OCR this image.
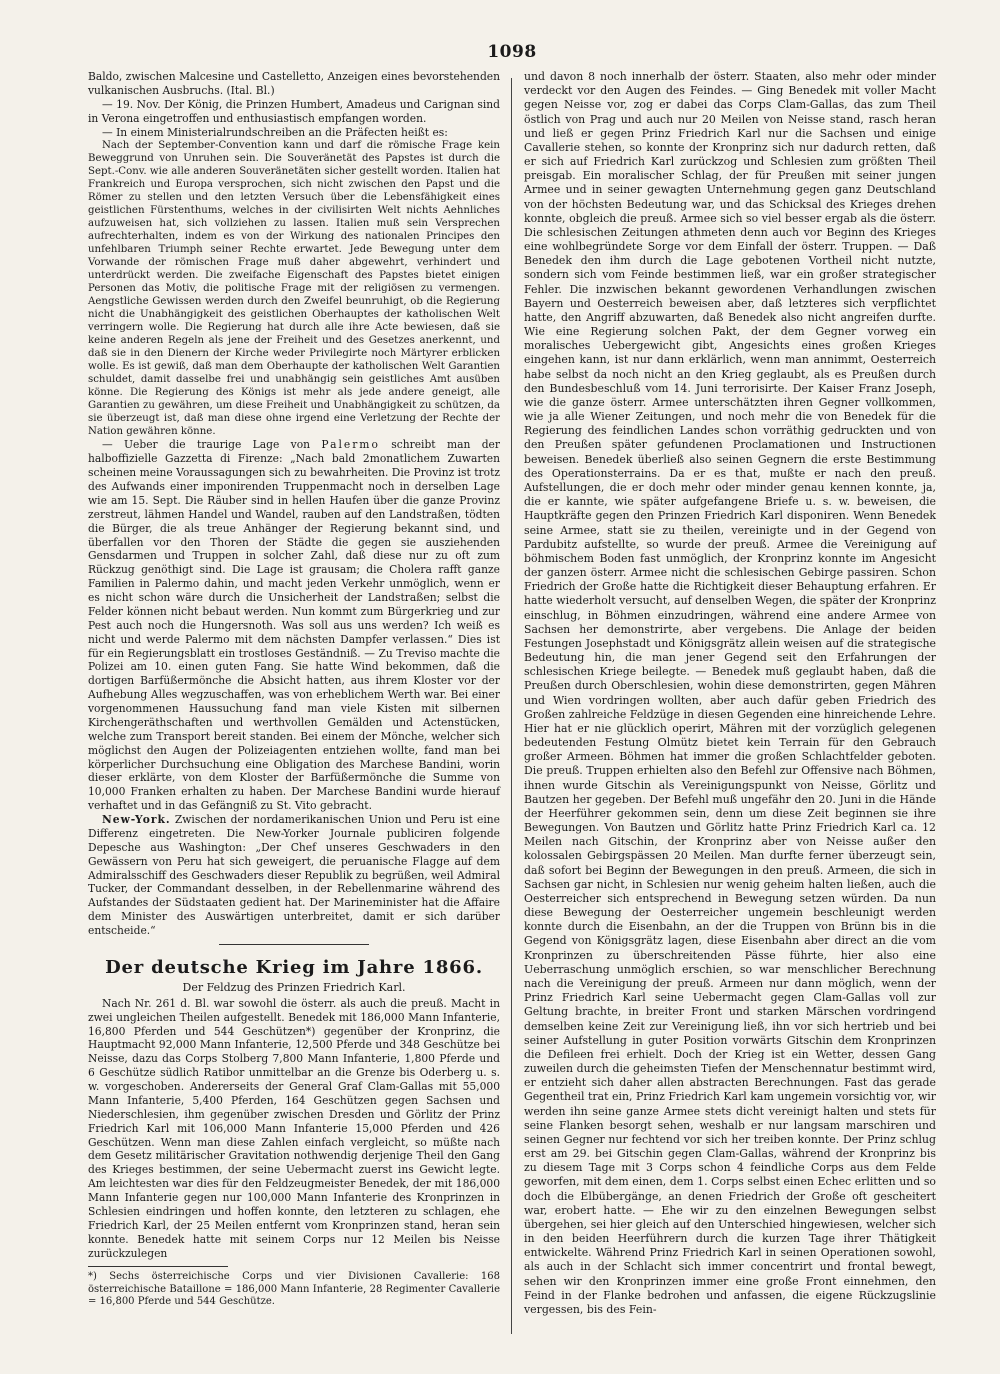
1098

Baldo, zwischen Malcesine und Castelletto, Anzeigen eines bevorstehenden vulkanischen Ausbruchs. (Ital. Bl.)

— 19. Nov. Der König, die Prinzen Humbert, Amadeus und Carignan sind in Verona eingetroffen und enthusiastisch empfangen worden.

— In einem Ministerialrundschreiben an die Präfecten heißt es:

Nach der September-Convention kann und darf die römische Frage kein Beweggrund von Unruhen sein. Die Souveränetät des Papstes ist durch die Sept.-Conv. wie alle anderen Souveränetäten sicher gestellt worden. Italien hat Frankreich und Europa versprochen, sich nicht zwischen den Papst und die Römer zu stellen und den letzten Versuch über die Lebensfähigkeit eines geistlichen Fürstenthums, welches in der civilisirten Welt nichts Aehnliches aufzuweisen hat, sich vollziehen zu lassen. Italien muß sein Versprechen aufrechterhalten, indem es von der Wirkung des nationalen Principes den unfehlbaren Triumph seiner Rechte erwartet. Jede Bewegung unter dem Vorwande der römischen Frage muß daher abgewehrt, verhindert und unterdrückt werden. Die zweifache Eigenschaft des Papstes bietet einigen Personen das Motiv, die politische Frage mit der religiösen zu vermengen. Aengstliche Gewissen werden durch den Zweifel beunruhigt, ob die Regierung nicht die Unabhängigkeit des geistlichen Oberhauptes der katholischen Welt verringern wolle. Die Regierung hat durch alle ihre Acte bewiesen, daß sie keine anderen Regeln als jene der Freiheit und des Gesetzes anerkennt, und daß sie in den Dienern der Kirche weder Privilegirte noch Märtyrer erblicken wolle. Es ist gewiß, daß man dem Oberhaupte der katholischen Welt Garantien schuldet, damit dasselbe frei und unabhängig sein geistliches Amt ausüben könne. Die Regierung des Königs ist mehr als jede andere geneigt, alle Garantien zu gewähren, um diese Freiheit und Unabhängigkeit zu schützen, da sie überzeugt ist, daß man diese ohne irgend eine Verletzung der Rechte der Nation gewähren könne.

— Ueber die traurige Lage von Palermo schreibt man der halboffizielle Gazzetta di Firenze: „Nach bald 2monatlichem Zuwarten scheinen meine Voraussagungen sich zu bewahrheiten. Die Provinz ist trotz des Aufwands einer imponirenden Truppenmacht noch in derselben Lage wie am 15. Sept. Die Räuber sind in hellen Haufen über die ganze Provinz zerstreut, lähmen Handel und Wandel, rauben auf den Landstraßen, tödten die Bürger, die als treue Anhänger der Regierung bekannt sind, und überfallen vor den Thoren der Städte die gegen sie ausziehenden Gensdarmen und Truppen in solcher Zahl, daß diese nur zu oft zum Rückzug genöthigt sind. Die Lage ist grausam; die Cholera rafft ganze Familien in Palermo dahin, und macht jeden Verkehr unmöglich, wenn er es nicht schon wäre durch die Unsicherheit der Landstraßen; selbst die Felder können nicht bebaut werden. Nun kommt zum Bürgerkrieg und zur Pest auch noch die Hungersnoth. Was soll aus uns werden? Ich weiß es nicht und werde Palermo mit dem nächsten Dampfer verlassen.“ Dies ist für ein Regierungsblatt ein trostloses Geständniß. — Zu Treviso machte die Polizei am 10. einen guten Fang. Sie hatte Wind bekommen, daß die dortigen Barfüßermönche die Absicht hatten, aus ihrem Kloster vor der Aufhebung Alles wegzuschaffen, was von erheblichem Werth war. Bei einer vorgenommenen Haussuchung fand man viele Kisten mit silbernen Kirchengeräthschaften und werthvollen Gemälden und Actenstücken, welche zum Transport bereit standen. Bei einem der Mönche, welcher sich möglichst den Augen der Polizeiagenten entziehen wollte, fand man bei körperlicher Durchsuchung eine Obligation des Marchese Bandini, worin dieser erklärte, von dem Kloster der Barfüßermönche die Summe von 10,000 Franken erhalten zu haben. Der Marchese Bandini wurde hierauf verhaftet und in das Gefängniß zu St. Vito gebracht.

New-York. Zwischen der nordamerikanischen Union und Peru ist eine Differenz eingetreten. Die New-Yorker Journale publiciren folgende Depesche aus Washington: „Der Chef unseres Geschwaders in den Gewässern von Peru hat sich geweigert, die peruanische Flagge auf dem Admiralsschiff des Geschwaders dieser Republik zu begrüßen, weil Admiral Tucker, der Commandant desselben, in der Rebellenmarine während des Aufstandes der Südstaaten gedient hat. Der Marineminister hat die Affaire dem Minister des Auswärtigen unterbreitet, damit er sich darüber entscheide.“

Der deutsche Krieg im Jahre 1866.
Der Feldzug des Prinzen Friedrich Karl.

Nach Nr. 261 d. Bl. war sowohl die österr. als auch die preuß. Macht in zwei ungleichen Theilen aufgestellt. Benedek mit 186,000 Mann Infanterie, 16,800 Pferden und 544 Geschützen*) gegenüber der Kronprinz, die Hauptmacht 92,000 Mann Infanterie, 12,500 Pferde und 348 Geschütze bei Neisse, dazu das Corps Stolberg 7,800 Mann Infanterie, 1,800 Pferde und 6 Geschütze südlich Ratibor unmittelbar an die Grenze bis Oderberg u. s. w. vorgeschoben. Andererseits der General Graf Clam-Gallas mit 55,000 Mann Infanterie, 5,400 Pferden, 164 Geschützen gegen Sachsen und Niederschlesien, ihm gegenüber zwischen Dresden und Görlitz der Prinz Friedrich Karl mit 106,000 Mann Infanterie 15,000 Pferden und 426 Geschützen. Wenn man diese Zahlen einfach vergleicht, so müßte nach dem Gesetz militärischer Gravitation nothwendig derjenige Theil den Gang des Krieges bestimmen, der seine Uebermacht zuerst ins Gewicht legte. Am leichtesten war dies für den Feldzeugmeister Benedek, der mit 186,000 Mann Infanterie gegen nur 100,000 Mann Infanterie des Kronprinzen in Schlesien eindringen und hoffen konnte, den letzteren zu schlagen, ehe Friedrich Karl, der 25 Meilen entfernt vom Kronprinzen stand, heran sein konnte. Benedek hatte mit seinem Corps nur 12 Meilen bis Neisse zurückzulegen

*) Sechs österreichische Corps und vier Divisionen Cavallerie: 168 österreichische Bataillone = 186,000 Mann Infanterie, 28 Regimenter Cavallerie = 16,800 Pferde und 544 Geschütze.

und davon 8 noch innerhalb der österr. Staaten, also mehr oder minder verdeckt vor den Augen des Feindes. — Ging Benedek mit voller Macht gegen Neisse vor, zog er dabei das Corps Clam-Gallas, das zum Theil östlich von Prag und auch nur 20 Meilen von Neisse stand, rasch heran und ließ er gegen Prinz Friedrich Karl nur die Sachsen und einige Cavallerie stehen, so konnte der Kronprinz sich nur dadurch retten, daß er sich auf Friedrich Karl zurückzog und Schlesien zum größten Theil preisgab. Ein moralischer Schlag, der für Preußen mit seiner jungen Armee und in seiner gewagten Unternehmung gegen ganz Deutschland von der höchsten Bedeutung war, und das Schicksal des Krieges drehen konnte, obgleich die preuß. Armee sich so viel besser ergab als die österr. Die schlesischen Zeitungen athmeten denn auch vor Beginn des Krieges eine wohlbegründete Sorge vor dem Einfall der österr. Truppen. — Daß Benedek den ihm durch die Lage gebotenen Vortheil nicht nutzte, sondern sich vom Feinde bestimmen ließ, war ein großer strategischer Fehler. Die inzwischen bekannt gewordenen Verhandlungen zwischen Bayern und Oesterreich beweisen aber, daß letzteres sich verpflichtet hatte, den Angriff abzuwarten, daß Benedek also nicht angreifen durfte. Wie eine Regierung solchen Pakt, der dem Gegner vorweg ein moralisches Uebergewicht gibt, Angesichts eines großen Krieges eingehen kann, ist nur dann erklärlich, wenn man annimmt, Oesterreich habe selbst da noch nicht an den Krieg geglaubt, als es Preußen durch den Bundesbeschluß vom 14. Juni terrorisirte. Der Kaiser Franz Joseph, wie die ganze österr. Armee unterschätzten ihren Gegner vollkommen, wie ja alle Wiener Zeitungen, und noch mehr die von Benedek für die Regierung des feindlichen Landes schon vorräthig gedruckten und von den Preußen später gefundenen Proclamationen und Instructionen beweisen. Benedek überließ also seinen Gegnern die erste Bestimmung des Operationsterrains. Da er es that, mußte er nach den preuß. Aufstellungen, die er doch mehr oder minder genau kennen konnte, ja, die er kannte, wie später aufgefangene Briefe u. s. w. beweisen, die Hauptkräfte gegen den Prinzen Friedrich Karl disponiren. Wenn Benedek seine Armee, statt sie zu theilen, vereinigte und in der Gegend von Pardubitz aufstellte, so wurde der preuß. Armee die Vereinigung auf böhmischem Boden fast unmöglich, der Kronprinz konnte im Angesicht der ganzen österr. Armee nicht die schlesischen Gebirge passiren. Schon Friedrich der Große hatte die Richtigkeit dieser Behauptung erfahren. Er hatte wiederholt versucht, auf denselben Wegen, die später der Kronprinz einschlug, in Böhmen einzudringen, während eine andere Armee von Sachsen her demonstrirte, aber vergebens. Die Anlage der beiden Festungen Josephstadt und Königsgrätz allein weisen auf die strategische Bedeutung hin, die man jener Gegend seit den Erfahrungen der schlesischen Kriege beilegte. — Benedek muß geglaubt haben, daß die Preußen durch Oberschlesien, wohin diese demonstrirten, gegen Mähren und Wien vordringen wollten, aber auch dafür geben Friedrich des Großen zahlreiche Feldzüge in diesen Gegenden eine hinreichende Lehre. Hier hat er nie glücklich operirt, Mähren mit der vorzüglich gelegenen bedeutenden Festung Olmütz bietet kein Terrain für den Gebrauch großer Armeen. Böhmen hat immer die großen Schlachtfelder geboten. Die preuß. Truppen erhielten also den Befehl zur Offensive nach Böhmen, ihnen wurde Gitschin als Vereinigungspunkt von Neisse, Görlitz und Bautzen her gegeben. Der Befehl muß ungefähr den 20. Juni in die Hände der Heerführer gekommen sein, denn um diese Zeit beginnen sie ihre Bewegungen. Von Bautzen und Görlitz hatte Prinz Friedrich Karl ca. 12 Meilen nach Gitschin, der Kronprinz aber von Neisse außer den kolossalen Gebirgspässen 20 Meilen. Man durfte ferner überzeugt sein, daß sofort bei Beginn der Bewegungen in den preuß. Armeen, die sich in Sachsen gar nicht, in Schlesien nur wenig geheim halten ließen, auch die Oesterreicher sich entsprechend in Bewegung setzen würden. Da nun diese Bewegung der Oesterreicher ungemein beschleunigt werden konnte durch die Eisenbahn, an der die Truppen von Brünn bis in die Gegend von Königsgrätz lagen, diese Eisenbahn aber direct an die vom Kronprinzen zu überschreitenden Pässe führte, hier also eine Ueberraschung unmöglich erschien, so war menschlicher Berechnung nach die Vereinigung der preuß. Armeen nur dann möglich, wenn der Prinz Friedrich Karl seine Uebermacht gegen Clam-Gallas voll zur Geltung brachte, in breiter Front und starken Märschen vordringend demselben keine Zeit zur Vereinigung ließ, ihn vor sich hertrieb und bei seiner Aufstellung in guter Position vorwärts Gitschin dem Kronprinzen die Defileen frei erhielt. Doch der Krieg ist ein Wetter, dessen Gang zuweilen durch die geheimsten Tiefen der Menschennatur bestimmt wird, er entzieht sich daher allen abstracten Berechnungen. Fast das gerade Gegentheil trat ein, Prinz Friedrich Karl kam ungemein vorsichtig vor, wir werden ihn seine ganze Armee stets dicht vereinigt halten und stets für seine Flanken besorgt sehen, weshalb er nur langsam marschiren und seinen Gegner nur fechtend vor sich her treiben konnte. Der Prinz schlug erst am 29. bei Gitschin gegen Clam-Gallas, während der Kronprinz bis zu diesem Tage mit 3 Corps schon 4 feindliche Corps aus dem Felde geworfen, mit dem einen, dem 1. Corps selbst einen Echec erlitten und so doch die Elbübergänge, an denen Friedrich der Große oft gescheitert war, erobert hatte. — Ehe wir zu den einzelnen Bewegungen selbst übergehen, sei hier gleich auf den Unterschied hingewiesen, welcher sich in den beiden Heerführern durch die kurzen Tage ihrer Thätigkeit entwickelte. Während Prinz Friedrich Karl in seinen Operationen sowohl, als auch in der Schlacht sich immer concentrirt und frontal bewegt, sehen wir den Kronprinzen immer eine große Front einnehmen, den Feind in der Flanke bedrohen und anfassen, die eigene Rückzugslinie vergessen, bis des Fein-
